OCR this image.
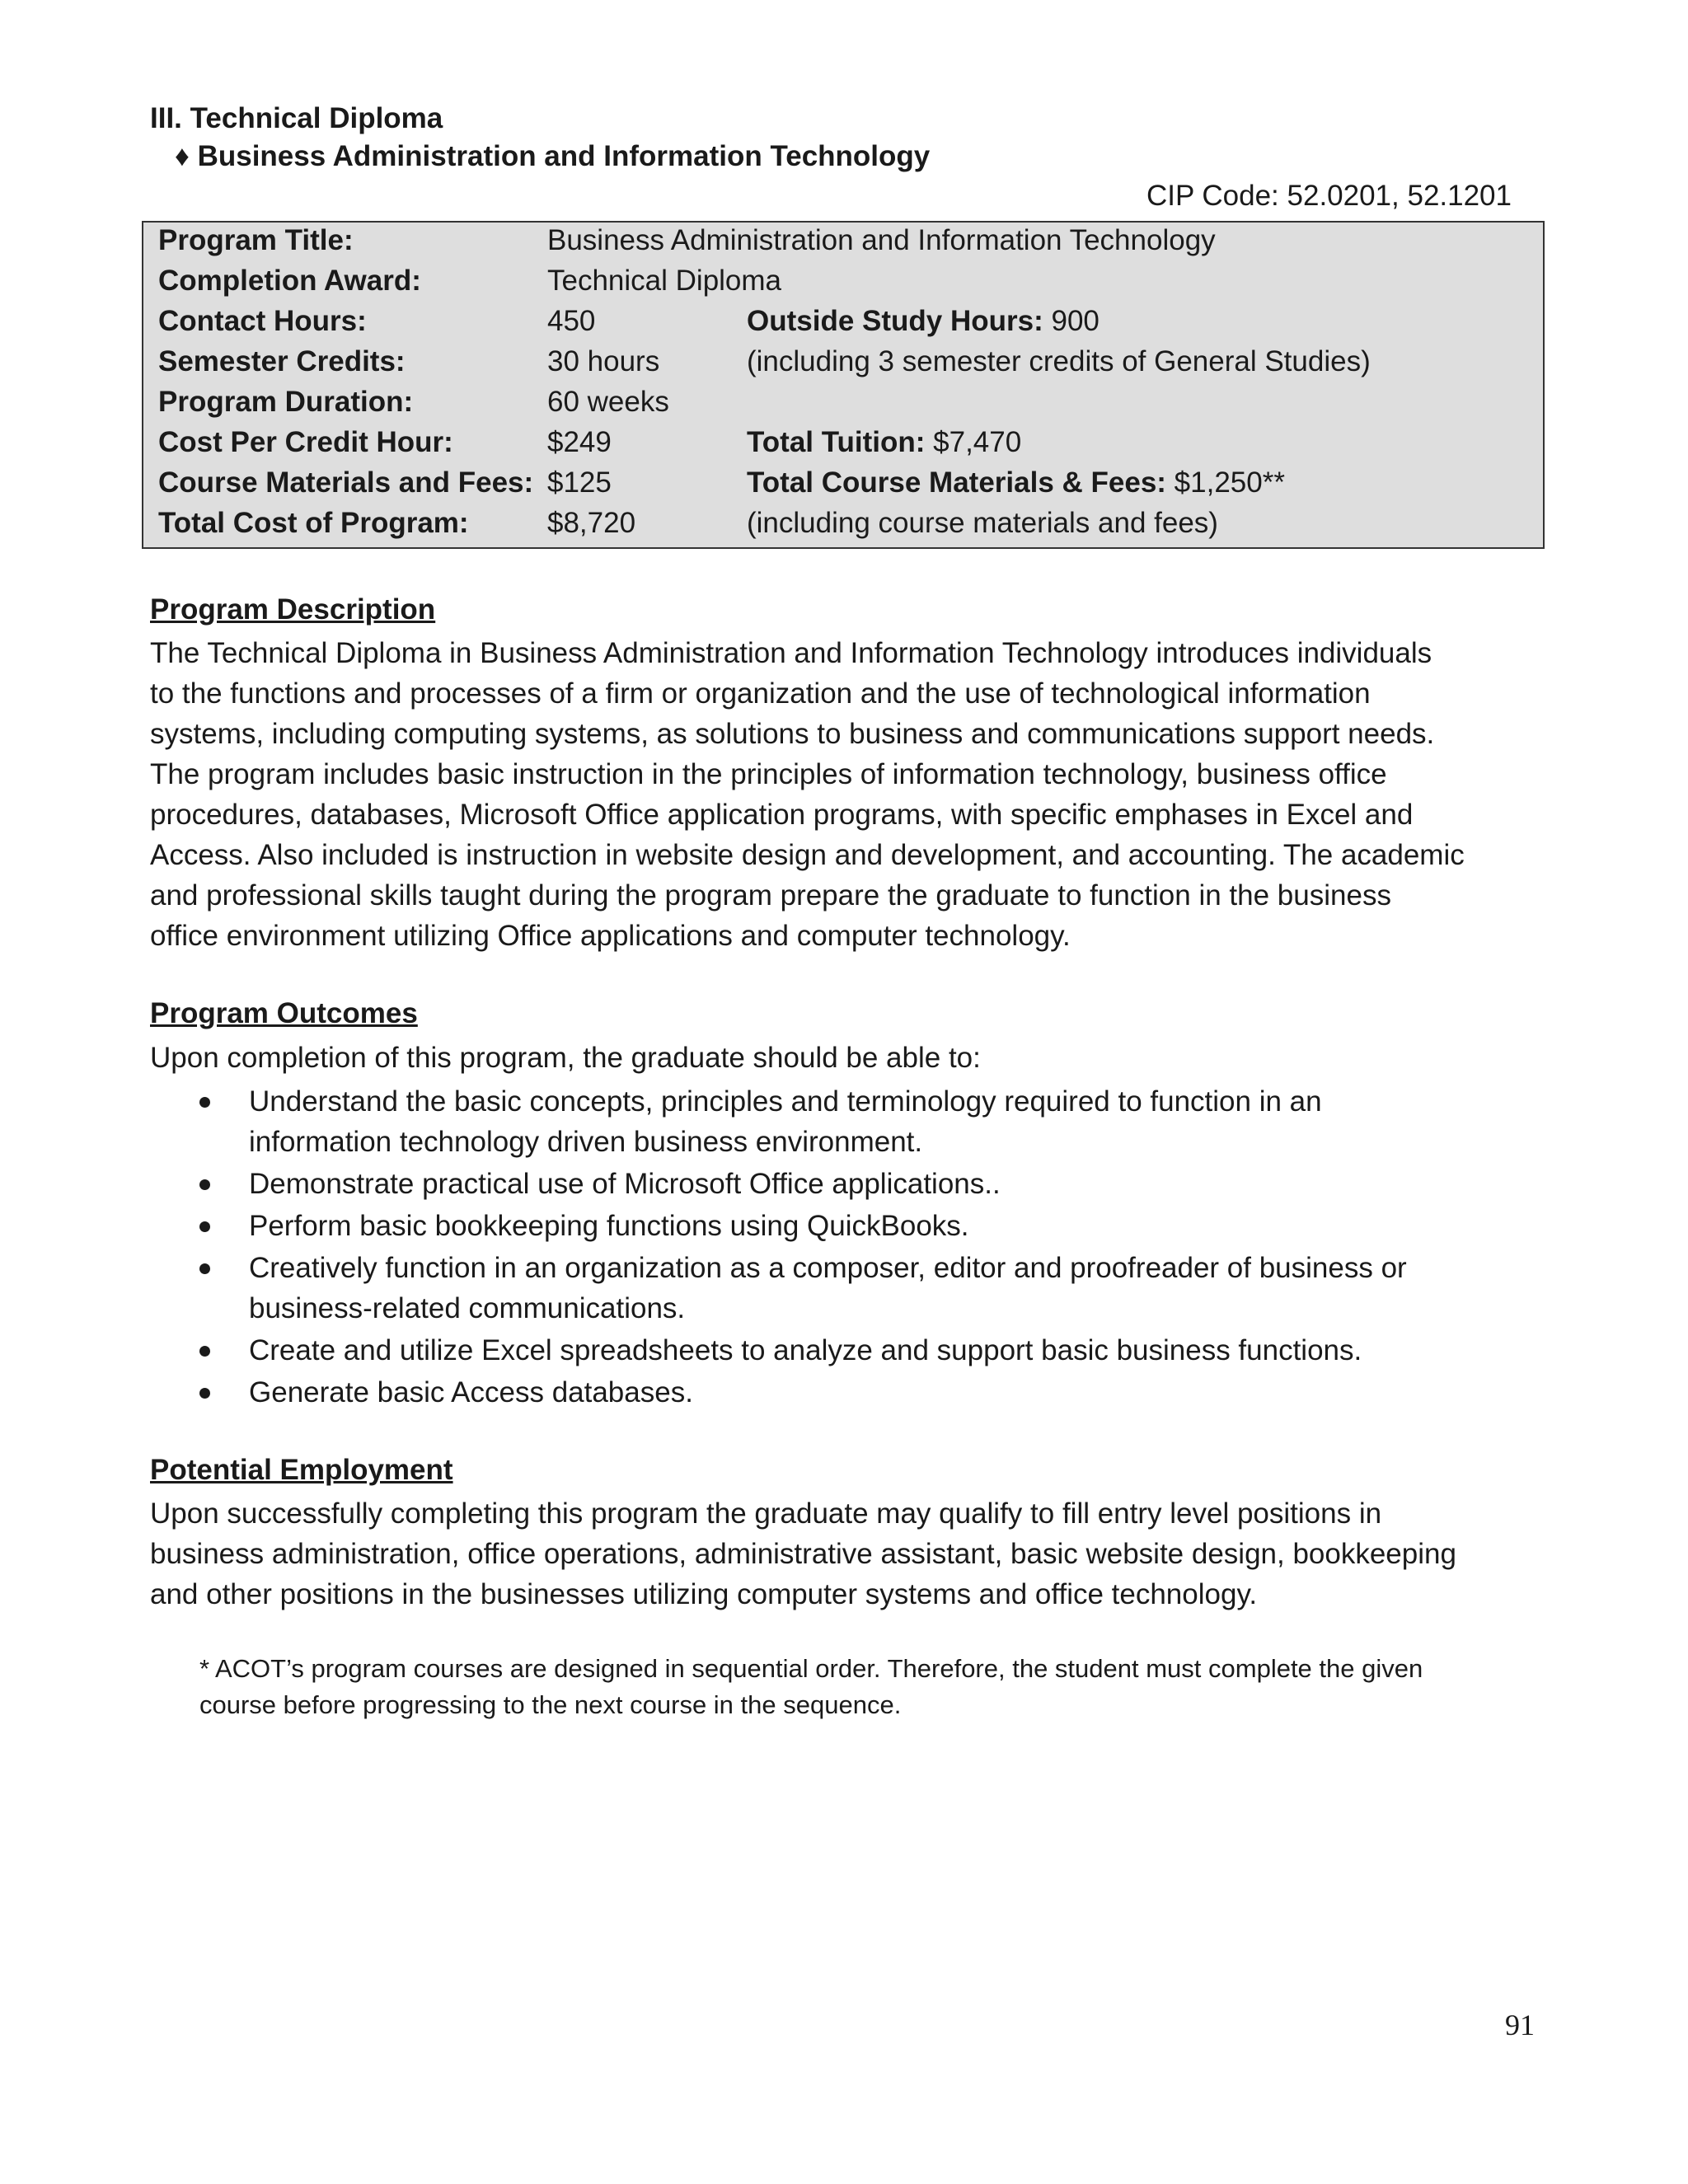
III. Technical Diploma
♦ Business Administration and Information Technology
CIP Code: 52.0201, 52.1201
Program Title:	Business Administration and Information Technology
Completion Award:	Technical Diploma
Contact Hours:	450	Outside Study Hours: 900
Semester Credits:	30 hours	(including 3 semester credits of General Studies)
Program Duration:	60 weeks
Cost Per Credit Hour:	$249	Total Tuition: $7,470
Course Materials and Fees: $125	Total Course Materials & Fees: $1,250**
Total Cost of Program:	$8,720	(including course materials and fees)
Program Description
The Technical Diploma in Business Administration and Information Technology introduces individuals
to the functions and processes of a firm or organization and the use of technological information
systems, including computing systems, as solutions to business and communications support needs.
The program includes basic instruction in the principles of information technology, business office
procedures, databases, Microsoft Office application programs, with specific emphases in Excel and
Access. Also included is instruction in website design and development, and accounting. The academic
and professional skills taught during the program prepare the graduate to function in the business
office environment utilizing Office applications and computer technology.
Program Outcomes
Upon completion of this program, the graduate should be able to:
Understand the basic concepts, principles and terminology required to function in an
information technology driven business environment.
Demonstrate practical use of Microsoft Office applications..
Perform basic bookkeeping functions using QuickBooks.
Creatively function in an organization as a composer, editor and proofreader of business or
business-related communications.
Create and utilize Excel spreadsheets to analyze and support basic business functions.
Generate basic Access databases.
Potential Employment
Upon successfully completing this program the graduate may qualify to fill entry level positions in
business administration, office operations, administrative assistant, basic website design, bookkeeping
and other positions in the businesses utilizing computer systems and office technology.
* ACOT’s program courses are designed in sequential order. Therefore, the student must complete the given
course before progressing to the next course in the sequence.
91
